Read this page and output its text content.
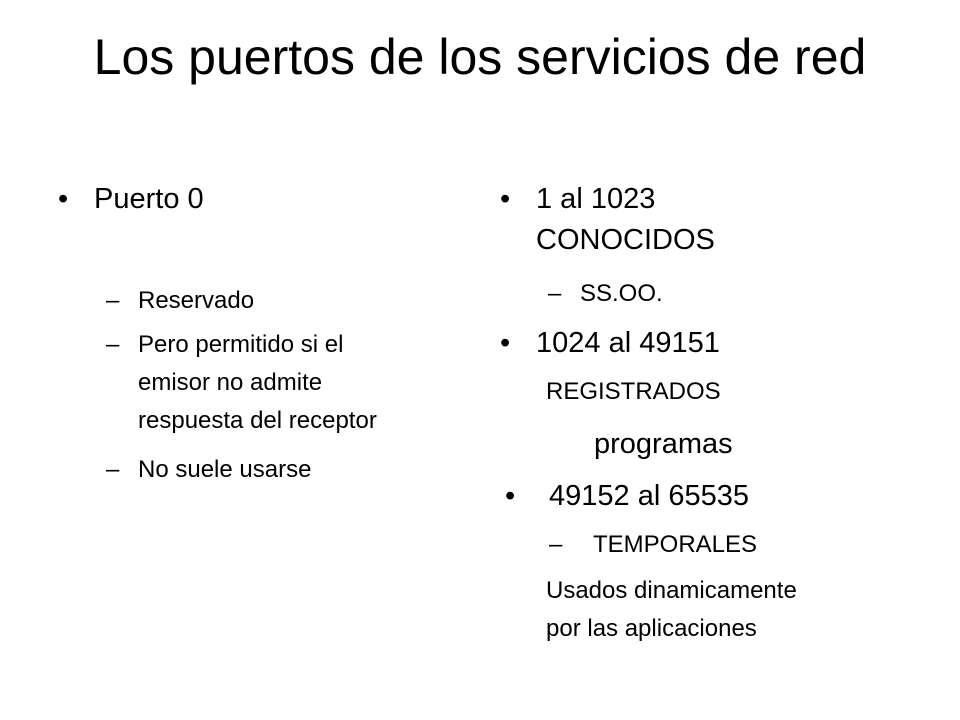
Los puertos de los servicios de red
• Puerto 0
– Reservado
– Pero permitido si el
emisor no admite
respuesta del receptor
– No suele usarse
• 1 al 1023
CONOCIDOS
– SS.OO.
• 1024 al 49151
REGISTRADOS
programas
• 49152 al 65535
– TEMPORALES
Usados dinamicamente
por las aplicaciones
